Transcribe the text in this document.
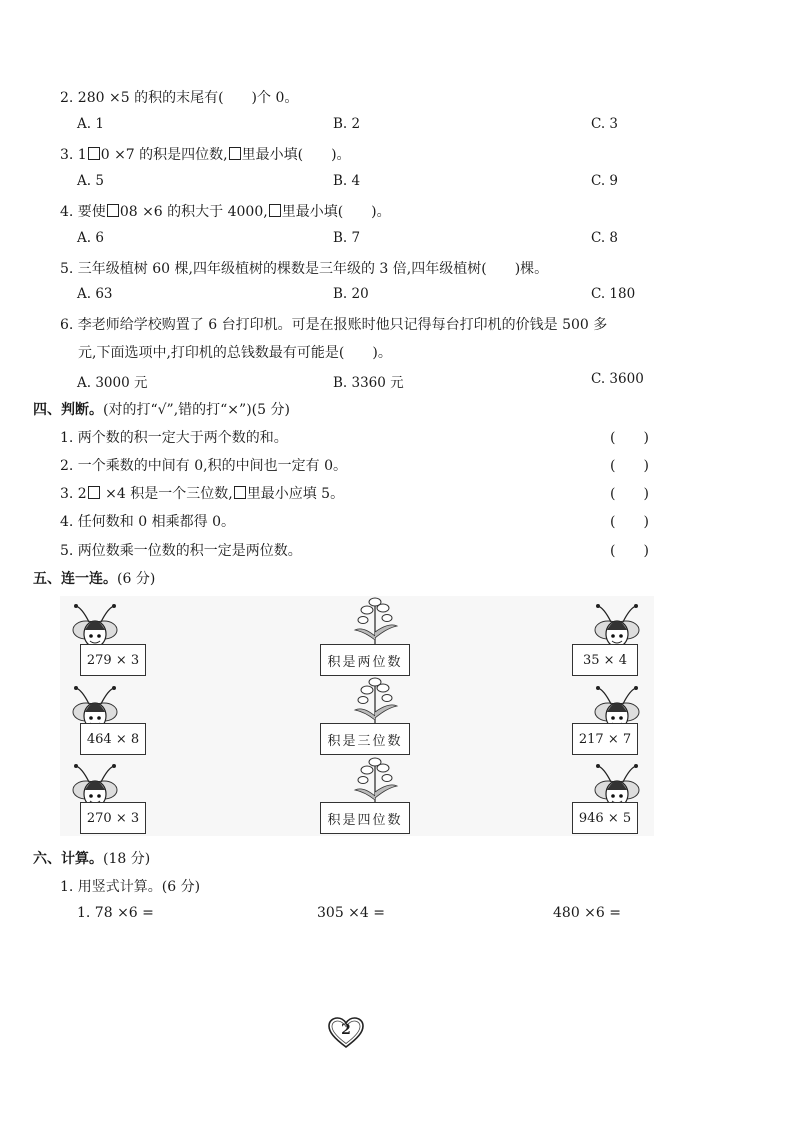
2. 280 ×5 的积的末尾有( )个 0。
A. 1	B. 2	C. 3
3. 1 0 ×7 的积是四位数, 里最小填( )。
A. 5	B. 4	C. 9
4. 要使 08 ×6 的积大于 4000, 里最小填( )。
A. 6	B. 7	C. 8
5. 三年级植树 60 棵,四年级植树的棵数是三年级的 3 倍,四年级植树( )棵。
A. 63	B. 20	C. 180
6. 李老师给学校购置了 6 台打印机。可是在报账时他只记得每台打印机的价钱是 500 多
元,下面选项中,打印机的总钱数最有可能是( )。
A. 3000 元	B. 3360 元	C. 3600
四、判断。(对的打“√”,错的打“×”)(5 分)
1. 两个数的积一定大于两个数的和。	(　　)
2. 一个乘数的中间有 0,积的中间也一定有 0。	(　　)
3. 2 ×4 积是一个三位数, 里最小应填 5。	(　　)
4. 任何数和 0 相乘都得 0。	(　　)
5. 两位数乘一位数的积一定是两位数。	(　　)
五、连一连。(6 分)
279 × 3	积是两位数	35 × 4
464 × 8	积是三位数	217 × 7
270 × 3	积是四位数	946 × 5
六、计算。(18 分)
1. 用竖式计算。(6 分)
1. 78 ×6 =	305 ×4 =	480 ×6 =
2
